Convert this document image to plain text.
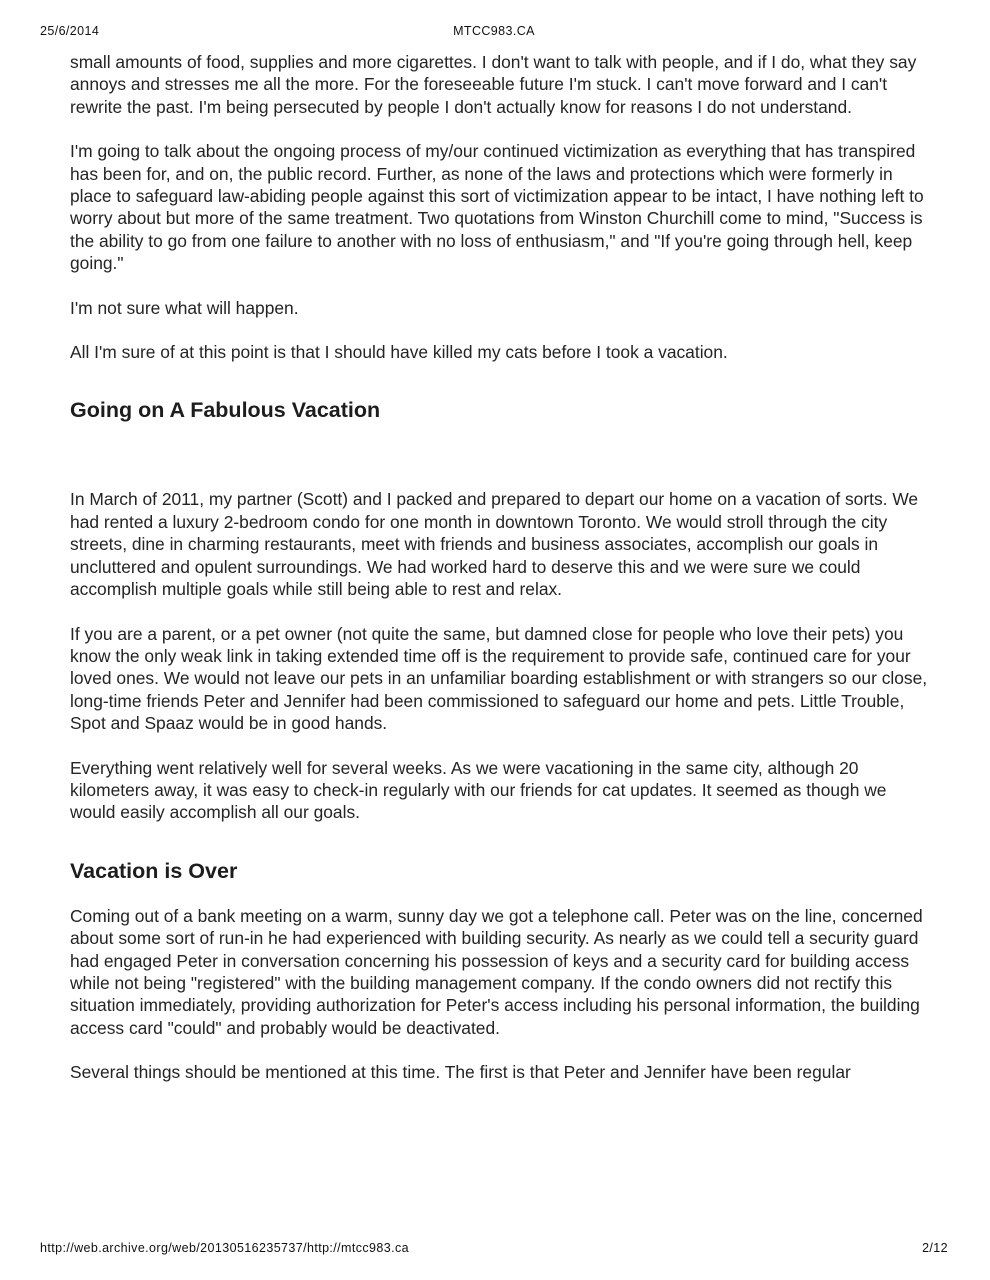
25/6/2014	MTCC983.CA

small amounts of food, supplies and more cigarettes. I don't want to talk with people, and if I do, what they say annoys and stresses me all the more. For the foreseeable future I'm stuck. I can't move forward and I can't rewrite the past. I'm being persecuted by people I don't actually know for reasons I do not understand.

I'm going to talk about the ongoing process of my/our continued victimization as everything that has transpired has been for, and on, the public record. Further, as none of the laws and protections which were formerly in place to safeguard law-abiding people against this sort of victimization appear to be intact, I have nothing left to worry about but more of the same treatment. Two quotations from Winston Churchill come to mind, "Success is the ability to go from one failure to another with no loss of enthusiasm," and "If you're going through hell, keep going."

I'm not sure what will happen.

All I'm sure of at this point is that I should have killed my cats before I took a vacation.

Going on A Fabulous Vacation

In March of 2011, my partner (Scott) and I packed and prepared to depart our home on a vacation of sorts. We had rented a luxury 2-bedroom condo for one month in downtown Toronto. We would stroll through the city streets, dine in charming restaurants, meet with friends and business associates, accomplish our goals in uncluttered and opulent surroundings. We had worked hard to deserve this and we were sure we could accomplish multiple goals while still being able to rest and relax.

If you are a parent, or a pet owner (not quite the same, but damned close for people who love their pets) you know the only weak link in taking extended time off is the requirement to provide safe, continued care for your loved ones. We would not leave our pets in an unfamiliar boarding establishment or with strangers so our close, long-time friends Peter and Jennifer had been commissioned to safeguard our home and pets. Little Trouble, Spot and Spaaz would be in good hands.

Everything went relatively well for several weeks. As we were vacationing in the same city, although 20 kilometers away, it was easy to check-in regularly with our friends for cat updates. It seemed as though we would easily accomplish all our goals.

Vacation is Over

Coming out of a bank meeting on a warm, sunny day we got a telephone call. Peter was on the line, concerned about some sort of run-in he had experienced with building security. As nearly as we could tell a security guard had engaged Peter in conversation concerning his possession of keys and a security card for building access while not being "registered" with the building management company. If the condo owners did not rectify this situation immediately, providing authorization for Peter's access including his personal information, the building access card "could" and probably would be deactivated.

Several things should be mentioned at this time. The first is that Peter and Jennifer have been regular

http://web.archive.org/web/20130516235737/http://mtcc983.ca	2/12
